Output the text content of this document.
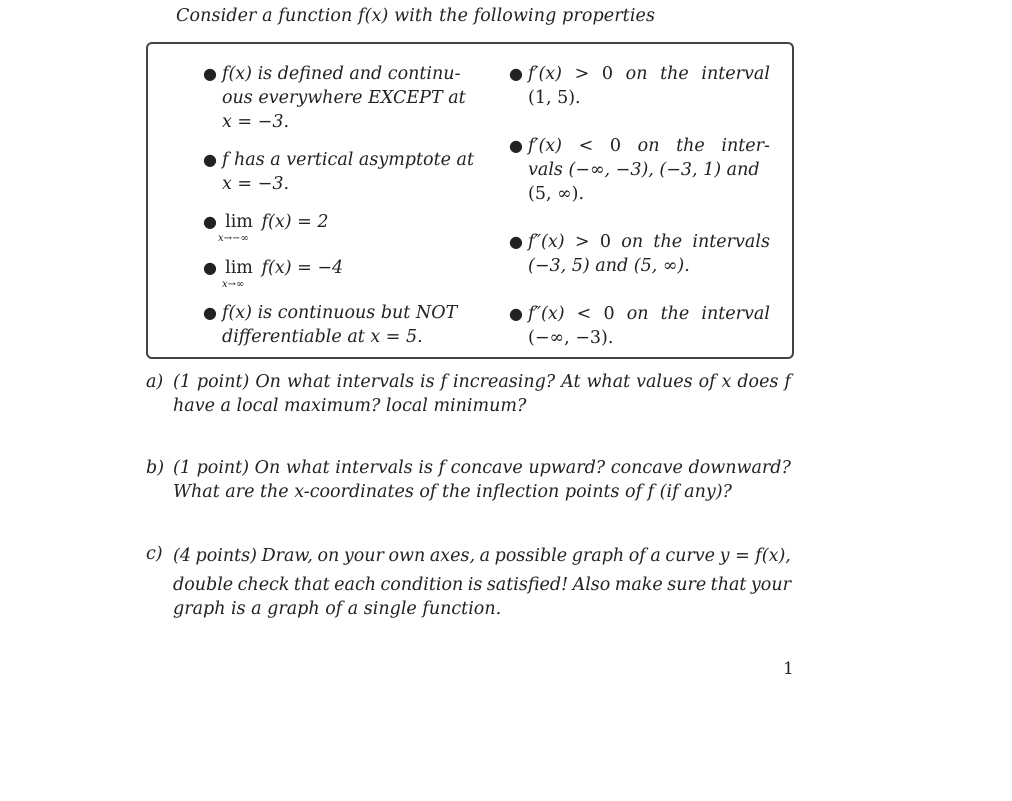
Consider a function f(x) with the following properties
● f(x) is defined and continu-
ous everywhere EXCEPT at
x = −3.
● f has a vertical asymptote at
x = −3.
● lim
x→−∞
f(x) = 2
● lim
x→∞
f(x) = −4
● f(x) is continuous but NOT
differentiable at x = 5.
● f′(x) > 0 on the interval
(1, 5).
● f′(x) < 0 on the inter-
vals (−∞, −3), (−3, 1) and
(5, ∞).
● f″(x) > 0 on the intervals
(−3, 5) and (5, ∞).
● f″(x) < 0 on the interval
(−∞, −3).
a) (1 point) On what intervals is f increasing? At what values of x does f
have a local maximum? local minimum?
b) (1 point) On what intervals is f concave upward? concave downward?
What are the x-coordinates of the inflection points of f (if any)?
c) (4 points) Draw, on your own axes, a possible graph of a curve y = f(x),
double check that each condition is satisfied! Also make sure that your
graph is a graph of a single function.
1
